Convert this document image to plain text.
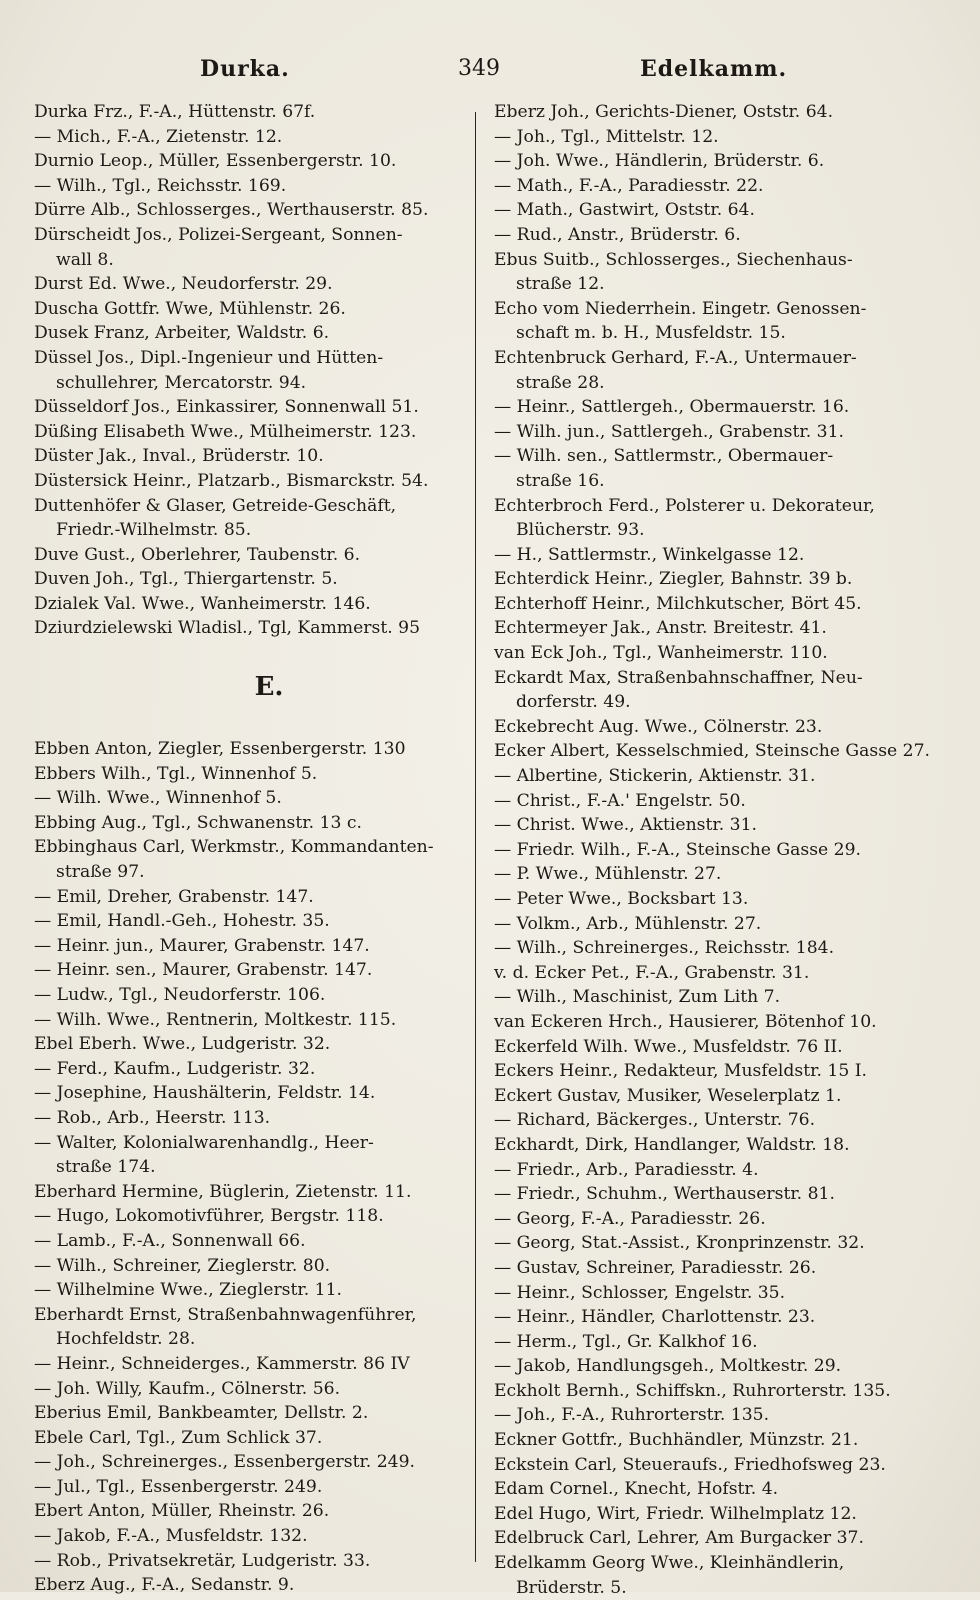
Durka.	349	Edelkamm.
Durka Frz., F.-A., Hüttenstr. 67f.
— Mich., F.-A., Zietenstr. 12.
Durnio Leop., Müller, Essenbergerstr. 10.
— Wilh., Tgl., Reichsstr. 169.
Dürre Alb., Schlosserges., Werthauserstr. 85.
Dürscheidt Jos., Polizei-Sergeant, Sonnen-
wall 8.
Durst Ed. Wwe., Neudorferstr. 29.
Duscha Gottfr. Wwe, Mühlenstr. 26.
Dusek Franz, Arbeiter, Waldstr. 6.
Düssel Jos., Dipl.-Ingenieur und Hütten-
schullehrer, Mercatorstr. 94.
Düsseldorf Jos., Einkassirer, Sonnenwall 51.
Düßing Elisabeth Wwe., Mülheimerstr. 123.
Düster Jak., Inval., Brüderstr. 10.
Düstersick Heinr., Platzarb., Bismarckstr. 54.
Duttenhöfer & Glaser, Getreide-Geschäft,
Friedr.-Wilhelmstr. 85.
Duve Gust., Oberlehrer, Taubenstr. 6.
Duven Joh., Tgl., Thiergartenstr. 5.
Dzialek Val. Wwe., Wanheimerstr. 146.
Dziurdzielewski Wladisl., Tgl, Kammerst. 95
E.
Ebben Anton, Ziegler, Essenbergerstr. 130
Ebbers Wilh., Tgl., Winnenhof 5.
— Wilh. Wwe., Winnenhof 5.
Ebbing Aug., Tgl., Schwanenstr. 13 c.
Ebbinghaus Carl, Werkmstr., Kommandanten-
straße 97.
— Emil, Dreher, Grabenstr. 147.
— Emil, Handl.-Geh., Hohestr. 35.
— Heinr. jun., Maurer, Grabenstr. 147.
— Heinr. sen., Maurer, Grabenstr. 147.
— Ludw., Tgl., Neudorferstr. 106.
— Wilh. Wwe., Rentnerin, Moltkestr. 115.
Ebel Eberh. Wwe., Ludgeristr. 32.
— Ferd., Kaufm., Ludgeristr. 32.
— Josephine, Haushälterin, Feldstr. 14.
— Rob., Arb., Heerstr. 113.
— Walter, Kolonialwarenhandlg., Heer-
straße 174.
Eberhard Hermine, Büglerin, Zietenstr. 11.
— Hugo, Lokomotivführer, Bergstr. 118.
— Lamb., F.-A., Sonnenwall 66.
— Wilh., Schreiner, Zieglerstr. 80.
— Wilhelmine Wwe., Zieglerstr. 11.
Eberhardt Ernst, Straßenbahnwagenführer,
Hochfeldstr. 28.
— Heinr., Schneiderges., Kammerstr. 86 IV
— Joh. Willy, Kaufm., Cölnerstr. 56.
Eberius Emil, Bankbeamter, Dellstr. 2.
Ebele Carl, Tgl., Zum Schlick 37.
— Joh., Schreinerges., Essenbergerstr. 249.
— Jul., Tgl., Essenbergerstr. 249.
Ebert Anton, Müller, Rheinstr. 26.
— Jakob, F.-A., Musfeldstr. 132.
— Rob., Privatsekretär, Ludgeristr. 33.
Eberz Aug., F.-A., Sedanstr. 9.
Eberz Joh., Gerichts-Diener, Oststr. 64.
— Joh., Tgl., Mittelstr. 12.
— Joh. Wwe., Händlerin, Brüderstr. 6.
— Math., F.-A., Paradiesstr. 22.
— Math., Gastwirt, Oststr. 64.
— Rud., Anstr., Brüderstr. 6.
Ebus Suitb., Schlosserges., Siechenhaus-
straße 12.
Echo vom Niederrhein. Eingetr. Genossen-
schaft m. b. H., Musfeldstr. 15.
Echtenbruck Gerhard, F.-A., Untermauer-
straße 28.
— Heinr., Sattlergeh., Obermauerstr. 16.
— Wilh. jun., Sattlergeh., Grabenstr. 31.
— Wilh. sen., Sattlermstr., Obermauer-
straße 16.
Echterbroch Ferd., Polsterer u. Dekorateur,
Blücherstr. 93.
— H., Sattlermstr., Winkelgasse 12.
Echterdick Heinr., Ziegler, Bahnstr. 39 b.
Echterhoff Heinr., Milchkutscher, Bört 45.
Echtermeyer Jak., Anstr. Breitestr. 41.
van Eck Joh., Tgl., Wanheimerstr. 110.
Eckardt Max, Straßenbahnschaffner, Neu-
dorferstr. 49.
Eckebrecht Aug. Wwe., Cölnerstr. 23.
Ecker Albert, Kesselschmied, Steinsche Gasse 27.
— Albertine, Stickerin, Aktienstr. 31.
— Christ., F.-A.' Engelstr. 50.
— Christ. Wwe., Aktienstr. 31.
— Friedr. Wilh., F.-A., Steinsche Gasse 29.
— P. Wwe., Mühlenstr. 27.
— Peter Wwe., Bocksbart 13.
— Volkm., Arb., Mühlenstr. 27.
— Wilh., Schreinerges., Reichsstr. 184.
v. d. Ecker Pet., F.-A., Grabenstr. 31.
— Wilh., Maschinist, Zum Lith 7.
van Eckeren Hrch., Hausierer, Bötenhof 10.
Eckerfeld Wilh. Wwe., Musfeldstr. 76 II.
Eckers Heinr., Redakteur, Musfeldstr. 15 I.
Eckert Gustav, Musiker, Weselerplatz 1.
— Richard, Bäckerges., Unterstr. 76.
Eckhardt, Dirk, Handlanger, Waldstr. 18.
— Friedr., Arb., Paradiesstr. 4.
— Friedr., Schuhm., Werthauserstr. 81.
— Georg, F.-A., Paradiesstr. 26.
— Georg, Stat.-Assist., Kronprinzenstr. 32.
— Gustav, Schreiner, Paradiesstr. 26.
— Heinr., Schlosser, Engelstr. 35.
— Heinr., Händler, Charlottenstr. 23.
— Herm., Tgl., Gr. Kalkhof 16.
— Jakob, Handlungsgeh., Moltkestr. 29.
Eckholt Bernh., Schiffskn., Ruhrorterstr. 135.
— Joh., F.-A., Ruhrorterstr. 135.
Eckner Gottfr., Buchhändler, Münzstr. 21.
Eckstein Carl, Steueraufs., Friedhofsweg 23.
Edam Cornel., Knecht, Hofstr. 4.
Edel Hugo, Wirt, Friedr. Wilhelmplatz 12.
Edelbruck Carl, Lehrer, Am Burgacker 37.
Edelkamm Georg Wwe., Kleinhändlerin,
Brüderstr. 5.
